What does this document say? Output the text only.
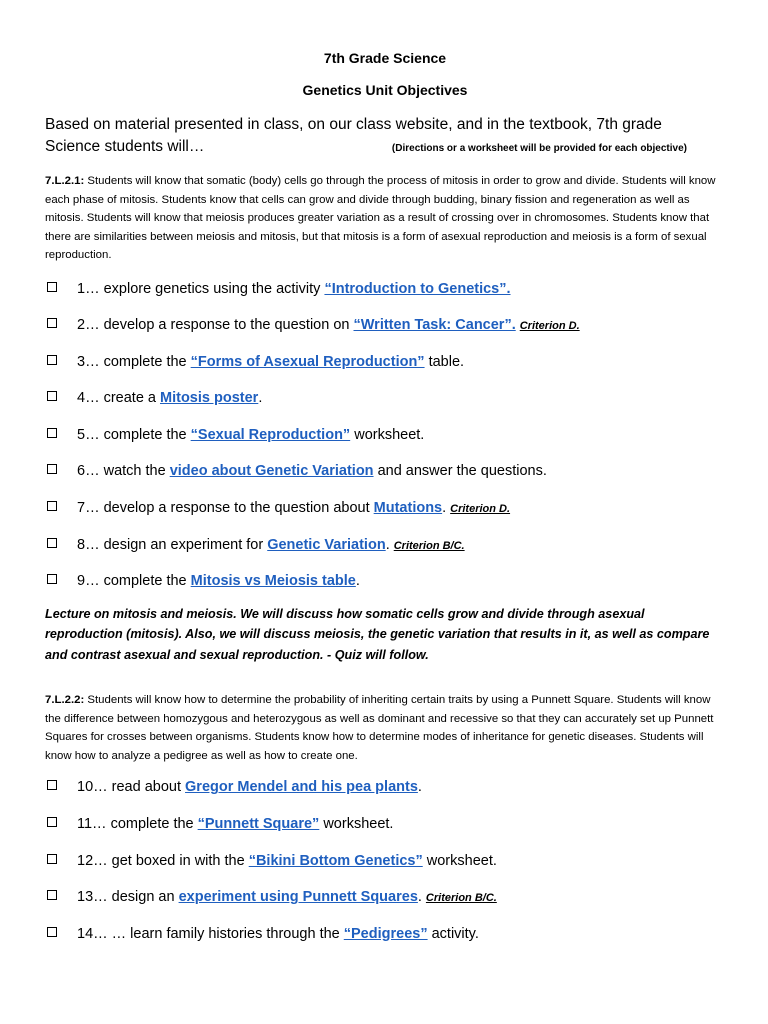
7th Grade Science

Genetics Unit Objectives

Based on material presented in class, on our class website, and in the textbook, 7th grade
Science students will…	(Directions or a worksheet will be provided for each objective)
7.L.2.1: Students will know that somatic (body) cells go through the process of mitosis in order to grow and divide. Students will know each phase of mitosis. Students know that cells can grow and divide through budding, binary fission and regeneration as well as mitosis. Students will know that meiosis produces greater variation as a result of crossing over in chromosomes. Students know that there are similarities between meiosis and mitosis, but that mitosis is a form of asexual reproduction and meiosis is a form of sexual reproduction.
1… explore genetics using the activity “Introduction to Genetics”.
2… develop a response to the question on “Written Task: Cancer”. Criterion D.
3… complete the “Forms of Asexual Reproduction” table.
4… create a Mitosis poster.
5… complete the “Sexual Reproduction” worksheet.
6… watch the video about Genetic Variation and answer the questions.
7… develop a response to the question about Mutations. Criterion D.
8… design an experiment for Genetic Variation. Criterion B/C.
9… complete the Mitosis vs Meiosis table.
Lecture on mitosis and meiosis. We will discuss how somatic cells grow and divide through asexual reproduction (mitosis). Also, we will discuss meiosis, the genetic variation that results in it, as well as compare and contrast asexual and sexual reproduction. - Quiz will follow.
7.L.2.2: Students will know how to determine the probability of inheriting certain traits by using a Punnett Square. Students will know the difference between homozygous and heterozygous as well as dominant and recessive so that they can accurately set up Punnett Squares for crosses between organisms. Students know how to determine modes of inheritance for genetic diseases. Students will know how to analyze a pedigree as well as how to create one.
10… read about Gregor Mendel and his pea plants.
11… complete the “Punnett Square” worksheet.
12… get boxed in with the “Bikini Bottom Genetics” worksheet.
13… design an experiment using Punnett Squares. Criterion B/C.
14… … learn family histories through the “Pedigrees” activity.
